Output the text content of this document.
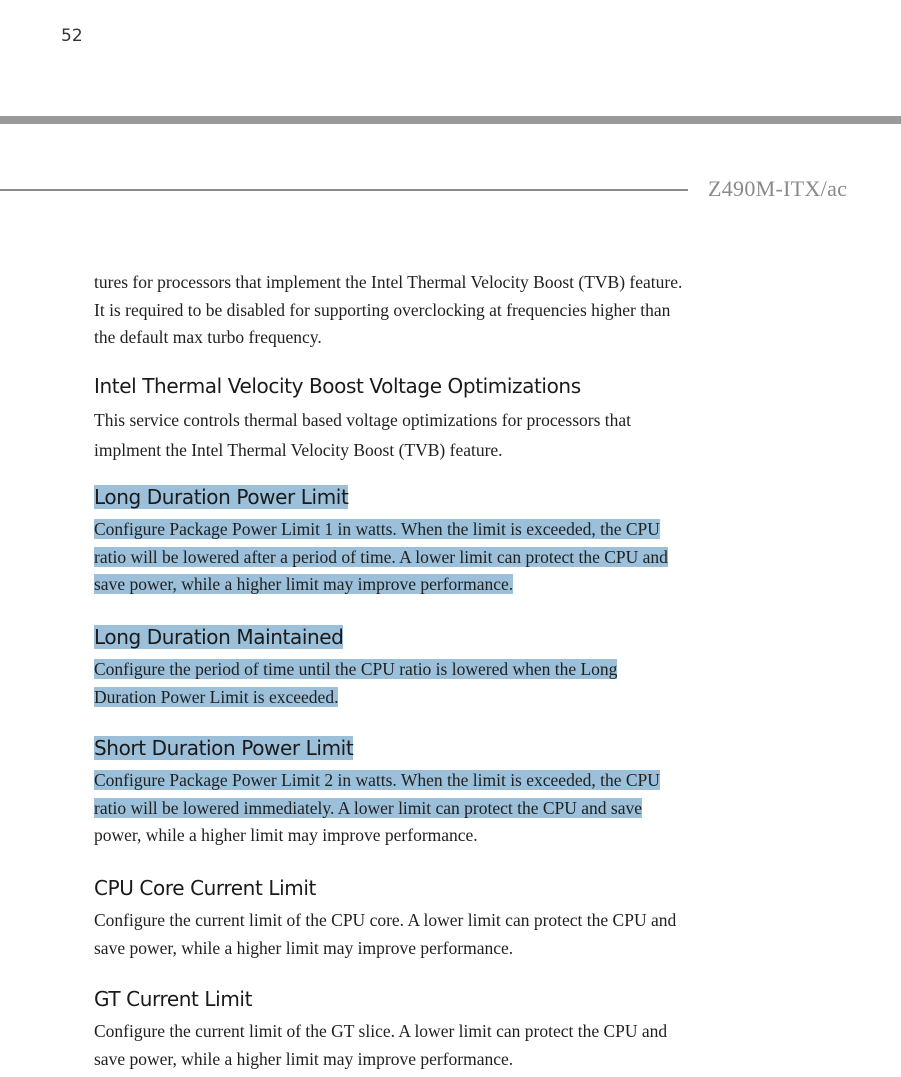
52
Z490M-ITX/ac

tures for processors that implement the Intel Thermal Velocity Boost (TVB) feature.

It is required to be disabled for supporting overclocking at frequencies higher than

the default max turbo frequency.

Intel Thermal Velocity Boost Voltage Optimizations

This service controls thermal based voltage optimizations for processors that

implment the Intel Thermal Velocity Boost (TVB) feature.

Long Duration Power Limit

Configure Package Power Limit 1 in watts. When the limit is exceeded, the CPU

ratio will be lowered after a period of time. A lower limit can protect the CPU and

save power, while a higher limit may improve performance.

Long Duration Maintained

Configure the period of time until the CPU ratio is lowered when the Long

Duration Power Limit is exceeded.

Short Duration Power Limit

Configure Package Power Limit 2 in watts. When the limit is exceeded, the CPU

ratio will be lowered immediately. A lower limit can protect the CPU and save

power, while a higher limit may improve performance.

CPU Core Current Limit

Configure the current limit of the CPU core. A lower limit can protect the CPU and

save power, while a higher limit may improve performance.

GT Current Limit

Configure the current limit of the GT slice. A lower limit can protect the CPU and

save power, while a higher limit may improve performance.
